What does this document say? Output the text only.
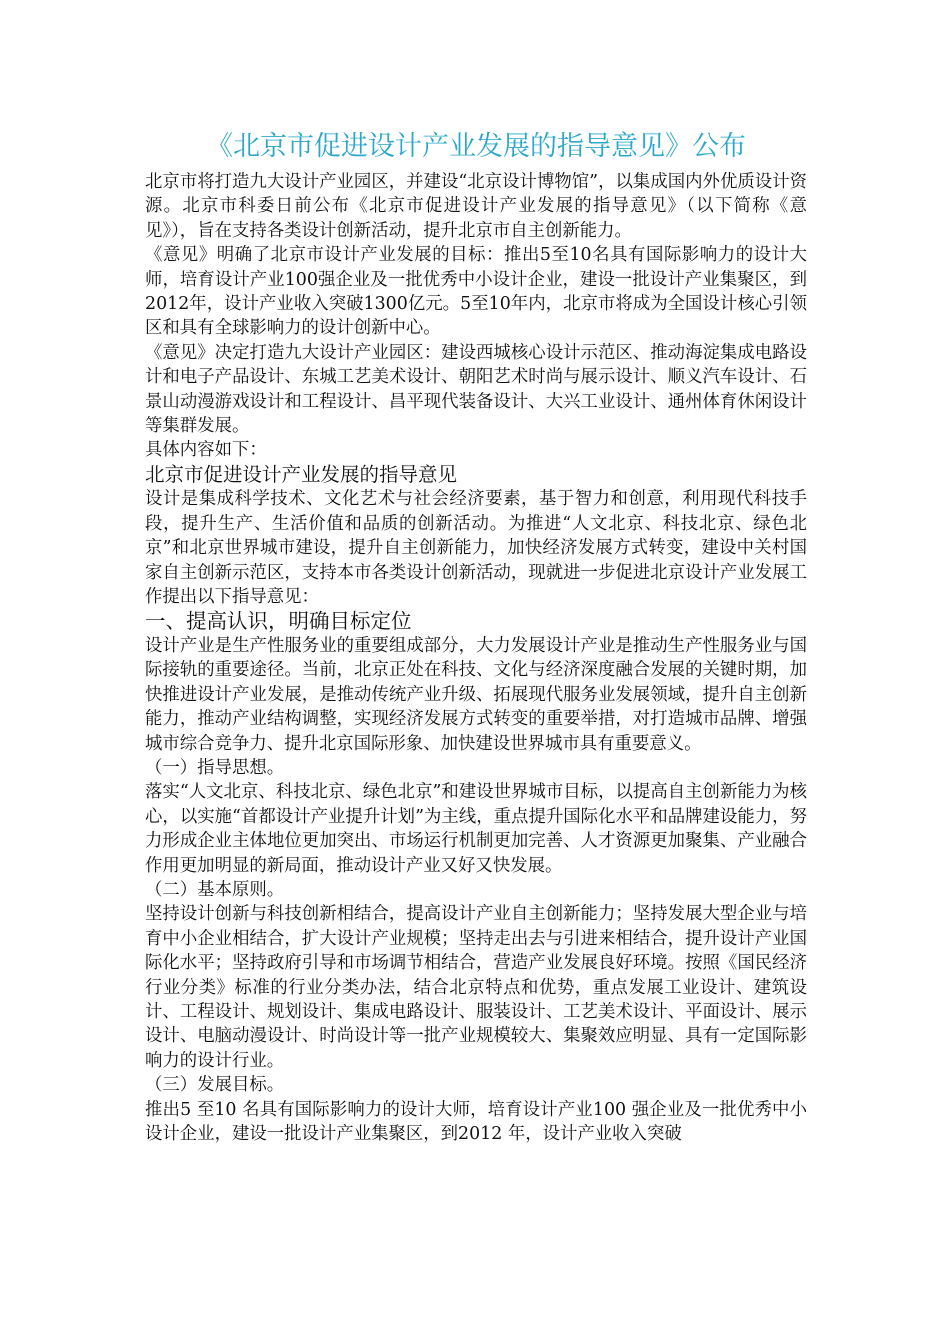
《北京市促进设计产业发展的指导意见》公布

北京市将打造九大设计产业园区，并建设“北京设计博物馆”，以集成国内外优质设计资源。北京市科委日前公布《北京市促进设计产业发展的指导意见》（以下简称《意见》），旨在支持各类设计创新活动，提升北京市自主创新能力。

《意见》明确了北京市设计产业发展的目标：推出5至10名具有国际影响力的设计大师，培育设计产业100强企业及一批优秀中小设计企业，建设一批设计产业集聚区，到2012年，设计产业收入突破1300亿元。5至10年内，北京市将成为全国设计核心引领区和具有全球影响力的设计创新中心。

《意见》决定打造九大设计产业园区：建设西城核心设计示范区、推动海淀集成电路设计和电子产品设计、东城工艺美术设计、朝阳艺术时尚与展示设计、顺义汽车设计、石景山动漫游戏设计和工程设计、昌平现代装备设计、大兴工业设计、通州体育休闲设计等集群发展。

具体内容如下：

北京市促进设计产业发展的指导意见

设计是集成科学技术、文化艺术与社会经济要素，基于智力和创意，利用现代科技手段，提升生产、生活价值和品质的创新活动。为推进“人文北京、科技北京、绿色北京”和北京世界城市建设，提升自主创新能力，加快经济发展方式转变，建设中关村国家自主创新示范区，支持本市各类设计创新活动，现就进一步促进北京设计产业发展工作提出以下指导意见：

一、提高认识，明确目标定位

设计产业是生产性服务业的重要组成部分，大力发展设计产业是推动生产性服务业与国际接轨的重要途径。当前，北京正处在科技、文化与经济深度融合发展的关键时期，加快推进设计产业发展，是推动传统产业升级、拓展现代服务业发展领域，提升自主创新能力，推动产业结构调整，实现经济发展方式转变的重要举措，对打造城市品牌、增强城市综合竞争力、提升北京国际形象、加快建设世界城市具有重要意义。

（一）指导思想。

落实“人文北京、科技北京、绿色北京”和建设世界城市目标，以提高自主创新能力为核心，以实施“首都设计产业提升计划”为主线，重点提升国际化水平和品牌建设能力，努力形成企业主体地位更加突出、市场运行机制更加完善、人才资源更加聚集、产业融合作用更加明显的新局面，推动设计产业又好又快发展。

（二）基本原则。

坚持设计创新与科技创新相结合，提高设计产业自主创新能力；坚持发展大型企业与培育中小企业相结合，扩大设计产业规模；坚持走出去与引进来相结合，提升设计产业国际化水平；坚持政府引导和市场调节相结合，营造产业发展良好环境。按照《国民经济行业分类》标准的行业分类办法，结合北京特点和优势，重点发展工业设计、建筑设计、工程设计、规划设计、集成电路设计、服装设计、工艺美术设计、平面设计、展示设计、电脑动漫设计、时尚设计等一批产业规模较大、集聚效应明显、具有一定国际影响力的设计行业。

（三）发展目标。

推出5 至10 名具有国际影响力的设计大师，培育设计产业100 强企业及一批优秀中小设计企业，建设一批设计产业集聚区，到2012 年，设计产业收入突破
